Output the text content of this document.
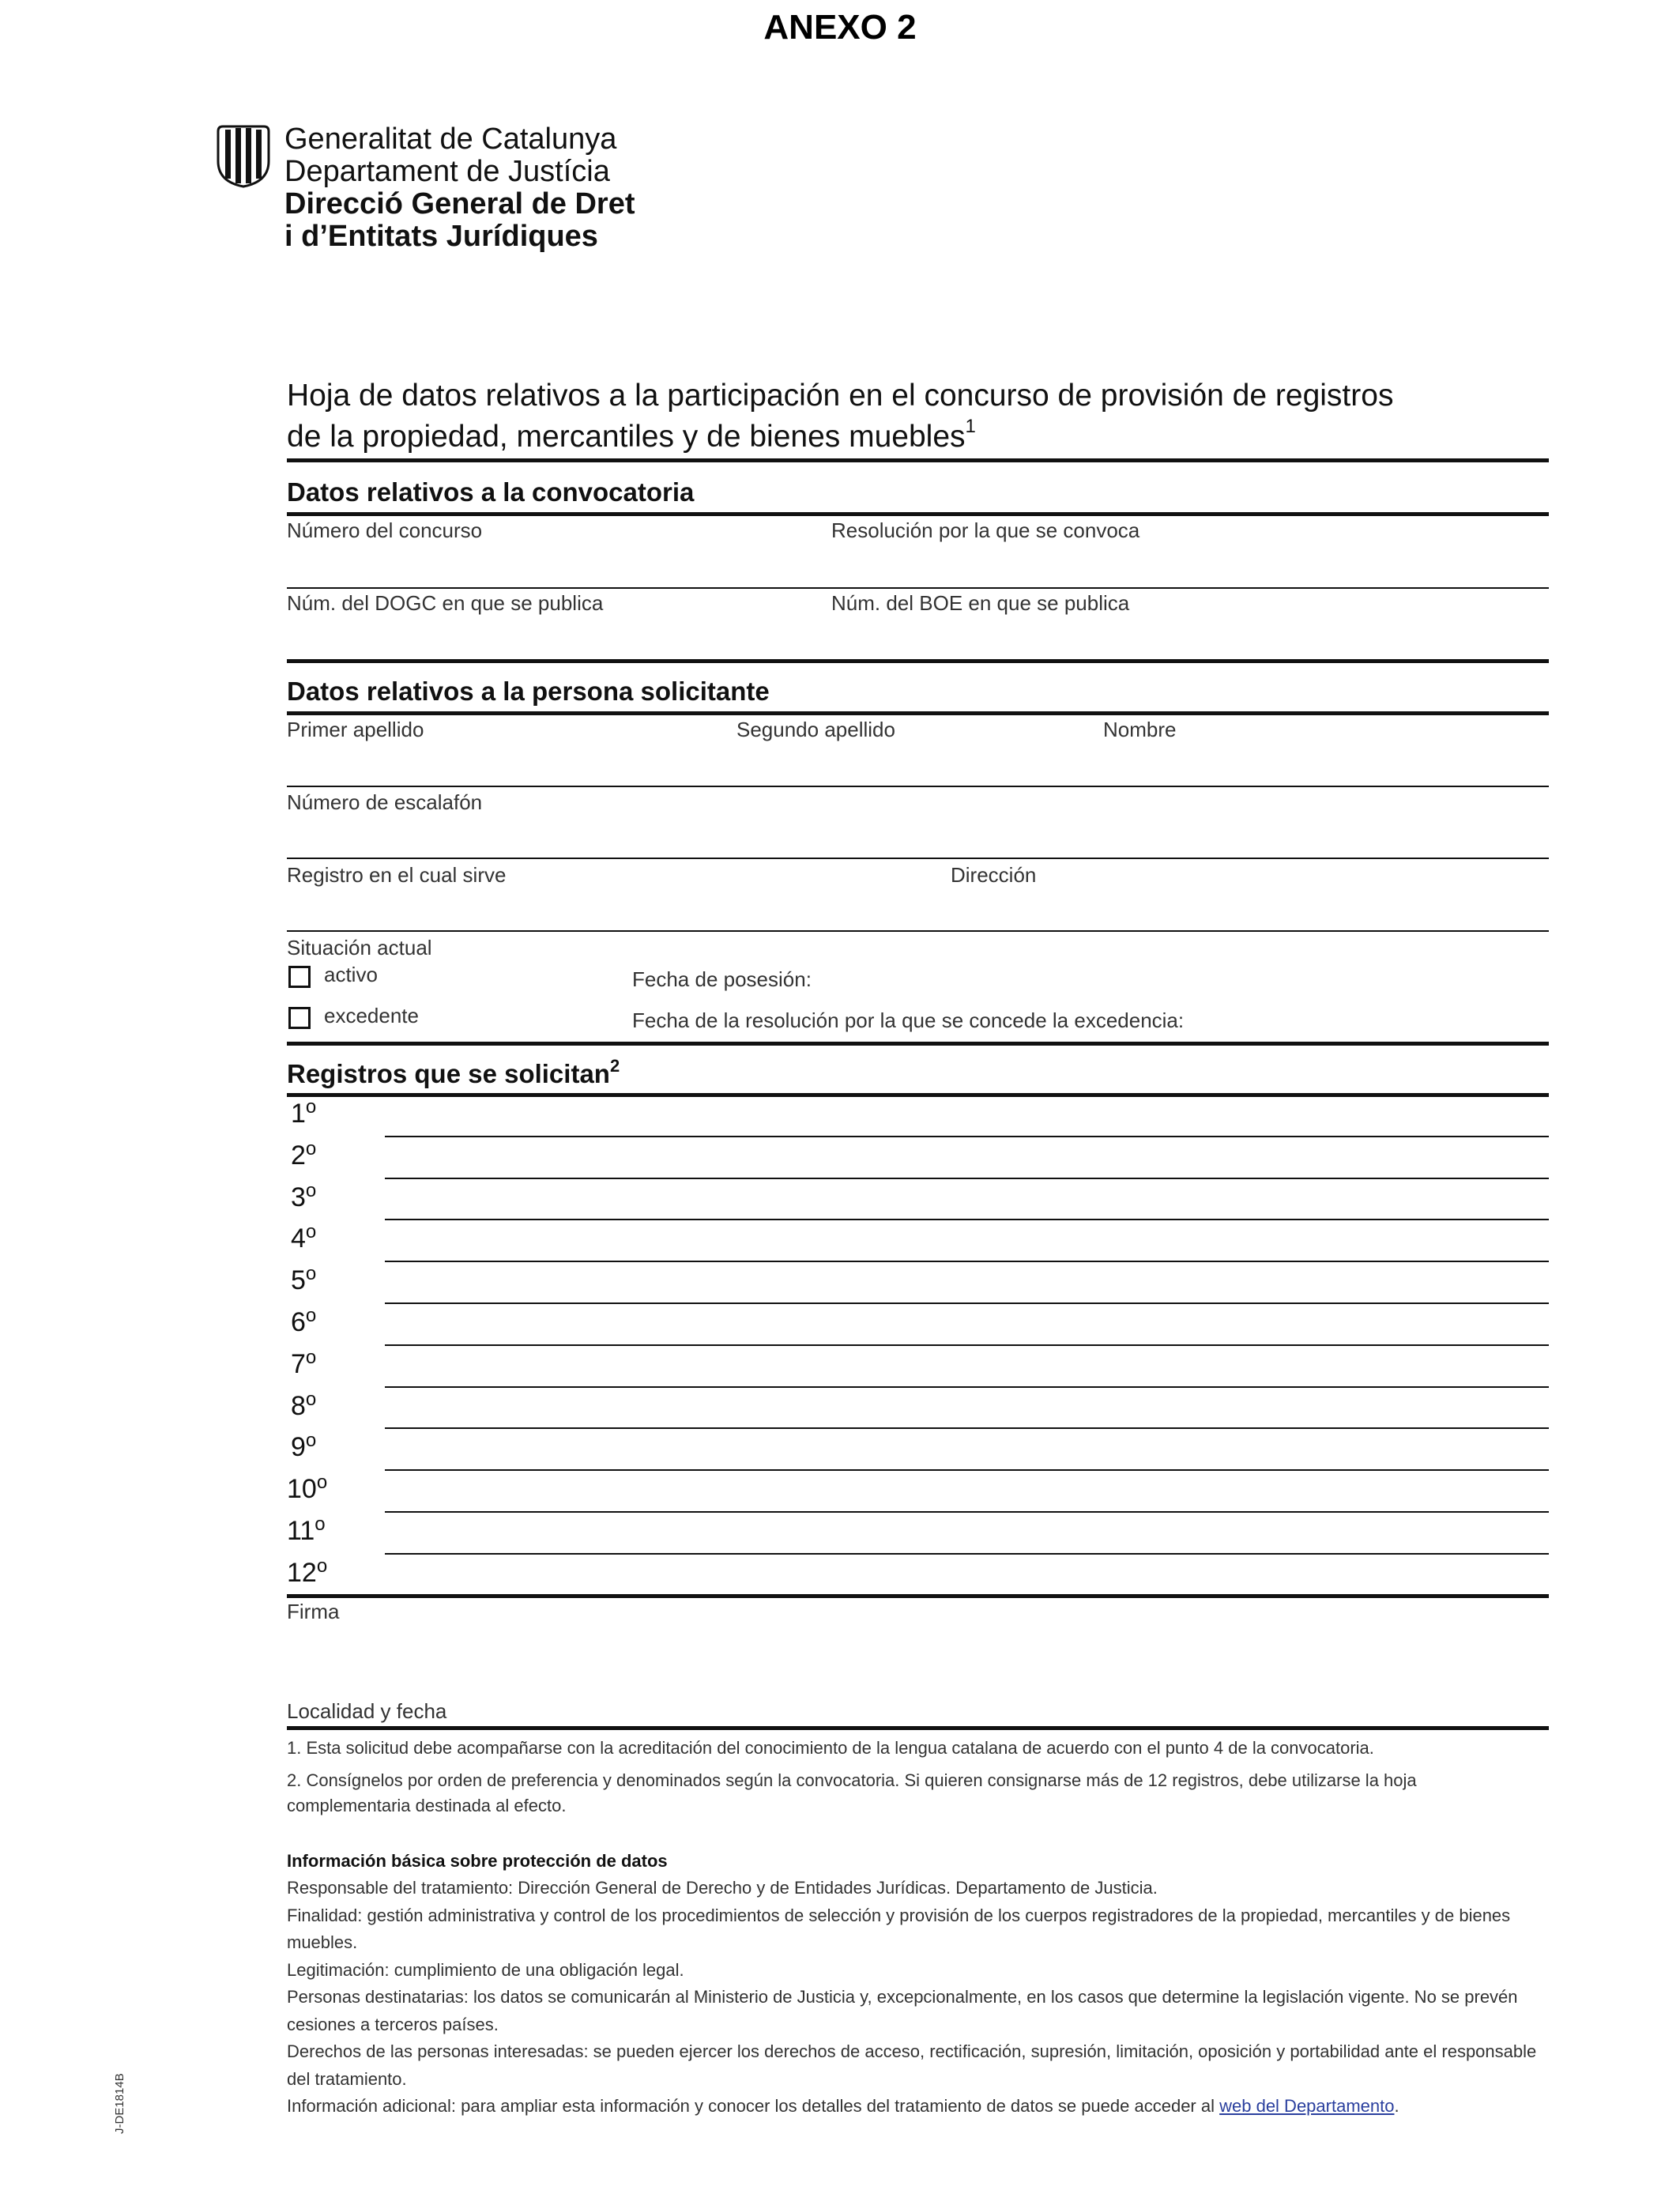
ANEXO 2
Generalitat de Catalunya
Departament de Justícia
Direcció General de Dret
i d’Entitats Jurídiques
Hoja de datos relativos a la participación en el concurso de provisión de registros
de la propiedad, mercantiles y de bienes muebles$^1$
Datos relativos a la convocatoria
Número del concurso	Resolución por la que se convoca
Núm. del DOGC en que se publica	Núm. del BOE en que se publica
Datos relativos a la persona solicitante
Primer apellido	Segundo apellido	Nombre
Número de escalafón
Registro en el cual sirve	Dirección
Situación actual
activo	Fecha de posesión:
excedente	Fecha de la resolución por la que se concede la excedencia:
Registros que se solicitan$^2$
1$^o$
2$^o$
3$^o$
4$^o$
5$^o$
6$^o$
7$^o$
8$^o$
9$^o$
10$^o$
11$^o$
12$^o$
Firma
Localidad y fecha
1. Esta solicitud debe acompañarse con la acreditación del conocimiento de la lengua catalana de acuerdo con el punto 4 de la convocatoria.
2. Consígnelos por orden de preferencia y denominados según la convocatoria. Si quieren consignarse más de 12 registros, debe utilizarse la hoja complementaria destinada al efecto.
Información básica sobre protección de datos
Responsable del tratamiento: Dirección General de Derecho y de Entidades Jurídicas. Departamento de Justicia.
Finalidad: gestión administrativa y control de los procedimientos de selección y provisión de los cuerpos registradores de la propiedad, mercantiles y de bienes muebles.
Legitimación: cumplimiento de una obligación legal.
Personas destinatarias: los datos se comunicarán al Ministerio de Justicia y, excepcionalmente, en los casos que determine la legislación vigente. No se prevén cesiones a terceros países.
Derechos de las personas interesadas: se pueden ejercer los derechos de acceso, rectificación, supresión, limitación, oposición y portabilidad ante el responsable del tratamiento.
Información adicional: para ampliar esta información y conocer los detalles del tratamiento de datos se puede acceder al web del Departamento.
J-DE1814B
